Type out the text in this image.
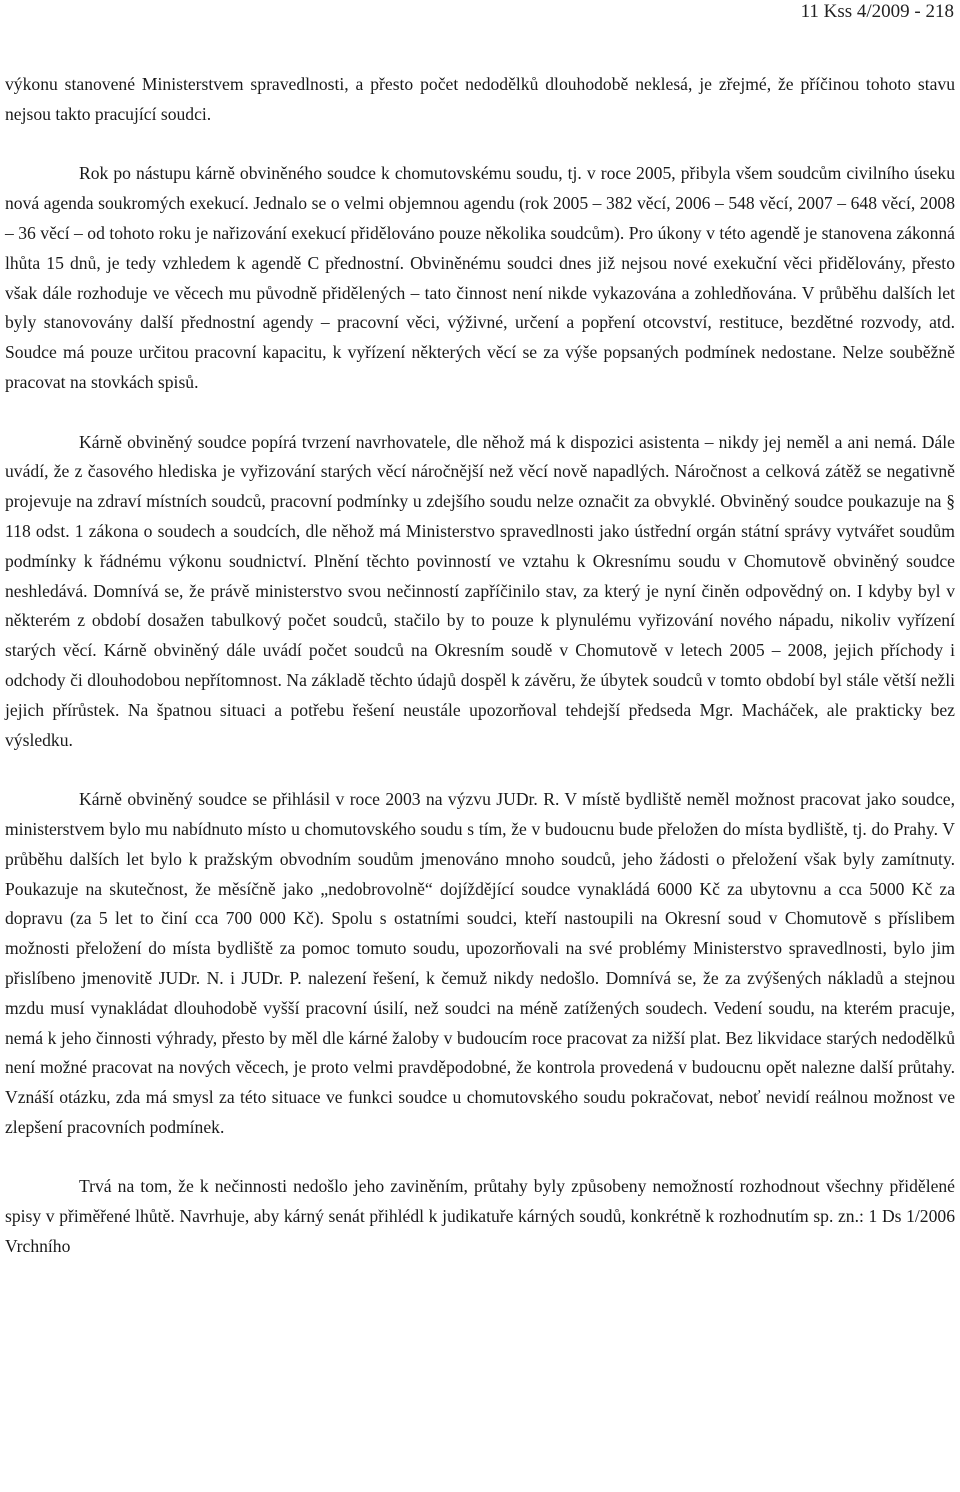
11 Kss 4/2009 - 218

výkonu stanovené Ministerstvem spravedlnosti, a přesto počet nedodělků dlouhodobě neklesá, je zřejmé, že příčinou tohoto stavu nejsou takto pracující soudci.

Rok po nástupu kárně obviněného soudce k chomutovskému soudu, tj. v roce 2005, přibyla všem soudcům civilního úseku nová agenda soukromých exekucí. Jednalo se o velmi objemnou agendu (rok 2005 – 382 věcí, 2006 – 548 věcí, 2007 – 648 věcí, 2008 – 36 věcí – od tohoto roku je nařizování exekucí přidělováno pouze několika soudcům). Pro úkony v této agendě je stanovena zákonná lhůta 15 dnů, je tedy vzhledem k agendě C přednostní. Obviněnému soudci dnes již nejsou nové exekuční věci přidělovány, přesto však dále rozhoduje ve věcech mu původně přidělených – tato činnost není nikde vykazována a zohledňována. V průběhu dalších let byly stanovovány další přednostní agendy – pracovní věci, výživné, určení a popření otcovství, restituce, bezdětné rozvody, atd. Soudce má pouze určitou pracovní kapacitu, k vyřízení některých věcí se za výše popsaných podmínek nedostane. Nelze souběžně pracovat na stovkách spisů.

Kárně obviněný soudce popírá tvrzení navrhovatele, dle něhož má k dispozici asistenta – nikdy jej neměl a ani nemá. Dále uvádí, že z časového hlediska je vyřizování starých věcí náročnější než věcí nově napadlých. Náročnost a celková zátěž se negativně projevuje na zdraví místních soudců, pracovní podmínky u zdejšího soudu nelze označit za obvyklé. Obviněný soudce poukazuje na § 118 odst. 1 zákona o soudech a soudcích, dle něhož má Ministerstvo spravedlnosti jako ústřední orgán státní správy vytvářet soudům podmínky k řádnému výkonu soudnictví. Plnění těchto povinností ve vztahu k Okresnímu soudu v Chomutově obviněný soudce neshledává. Domnívá se, že právě ministerstvo svou nečinností zapříčinilo stav, za který je nyní činěn odpovědný on. I kdyby byl v některém z období dosažen tabulkový počet soudců, stačilo by to pouze k plynulému vyřizování nového nápadu, nikoliv vyřízení starých věcí. Kárně obviněný dále uvádí počet soudců na Okresním soudě v Chomutově v letech 2005 – 2008, jejich příchody i odchody či dlouhodobou nepřítomnost. Na základě těchto údajů dospěl k závěru, že úbytek soudců v tomto období byl stále větší nežli jejich přírůstek. Na špatnou situaci a potřebu řešení neustále upozorňoval tehdejší předseda Mgr. Macháček, ale prakticky bez výsledku.

Kárně obviněný soudce se přihlásil v roce 2003 na výzvu JUDr. R. V místě bydliště neměl možnost pracovat jako soudce, ministerstvem bylo mu nabídnuto místo u chomutovského soudu s tím, že v budoucnu bude přeložen do místa bydliště, tj. do Prahy. V průběhu dalších let bylo k pražským obvodním soudům jmenováno mnoho soudců, jeho žádosti o přeložení však byly zamítnuty. Poukazuje na skutečnost, že měsíčně jako „nedobrovolně“ dojíždějící soudce vynakládá 6000 Kč za ubytovnu a cca 5000 Kč za dopravu (za 5 let to činí cca 700 000 Kč). Spolu s ostatními soudci, kteří nastoupili na Okresní soud v Chomutově s příslibem možnosti přeložení do místa bydliště za pomoc tomuto soudu, upozorňovali na své problémy Ministerstvo spravedlnosti, bylo jim přislíbeno jmenovitě JUDr. N. i JUDr. P. nalezení řešení, k čemuž nikdy nedošlo. Domnívá se, že za zvýšených nákladů a stejnou mzdu musí vynakládat dlouhodobě vyšší pracovní úsilí, než soudci na méně zatížených soudech. Vedení soudu, na kterém pracuje, nemá k jeho činnosti výhrady, přesto by měl dle kárné žaloby v budoucím roce pracovat za nižší plat. Bez likvidace starých nedodělků není možné pracovat na nových věcech, je proto velmi pravděpodobné, že kontrola provedená v budoucnu opět nalezne další průtahy. Vznáší otázku, zda má smysl za této situace ve funkci soudce u chomutovského soudu pokračovat, neboť nevidí reálnou možnost ve zlepšení pracovních podmínek.

Trvá na tom, že k nečinnosti nedošlo jeho zaviněním, průtahy byly způsobeny nemožností rozhodnout všechny přidělené spisy v přiměřené lhůtě. Navrhuje, aby kárný senát přihlédl k judikatuře kárných soudů, konkrétně k rozhodnutím sp. zn.: 1 Ds 1/2006 Vrchního
